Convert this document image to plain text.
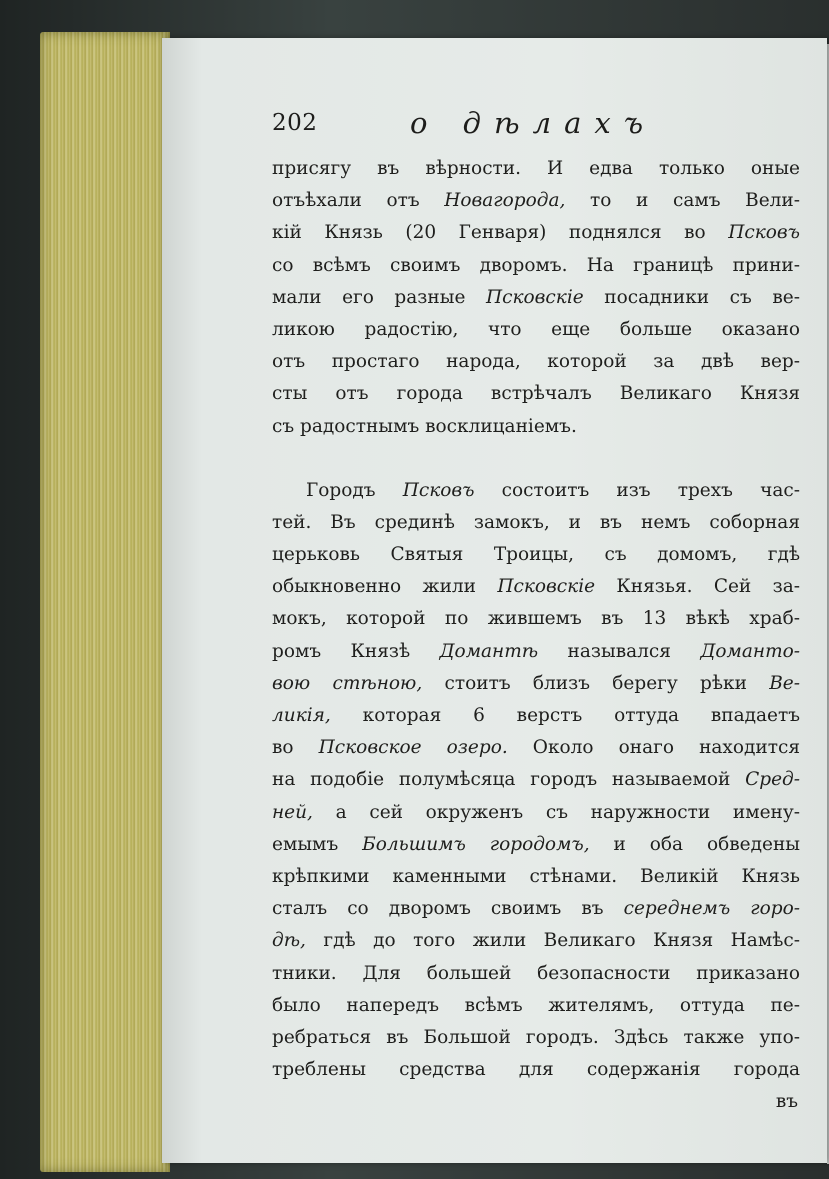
202	о дѣлахъ
присягу въ вѣрности. И едва только оные
отъѣхали отъ Новагорода, то и самъ Вели-
кій Князь (20 Генваря) поднялся во Псковъ
со всѣмъ своимъ дворомъ. На границѣ прини-
мали его разные Псковскіе посадники съ ве-
ликою радостію, что еще больше оказано
отъ простаго народа, которой за двѣ вер-
сты отъ города встрѣчалъ Великаго Князя
съ радостнымъ восклицаніемъ.
Городъ Псковъ состоитъ изъ трехъ час-
тей. Въ срединѣ замокъ, и въ немъ соборная
церьковь Святыя Троицы, съ домомъ, гдѣ
обыкновенно жили Псковскіе Князья. Сей за-
мокъ, которой по жившемъ въ 13 вѣкѣ храб-
ромъ Князѣ Домантѣ назывался Доманто-
вою стѣною, стоитъ близъ берегу рѣки Ве-
ликія, которая 6 верстъ оттуда впадаетъ
во Псковское озеро. Около онаго находится
на подобіе полумѣсяца городъ называемой Сред-
ней, а сей окруженъ съ наружности имену-
емымъ Большимъ городомъ, и оба обведены
крѣпкими каменными стѣнами. Великій Князь
сталъ со дворомъ своимъ въ середнемъ горо-
дѣ, гдѣ до того жили Великаго Князя Намѣс-
тники. Для большей безопасности приказано
было напередъ всѣмъ жителямъ, оттуда пе-
ребраться въ Большой городъ. Здѣсь также упо-
треблены средства для содержанія города
въ
